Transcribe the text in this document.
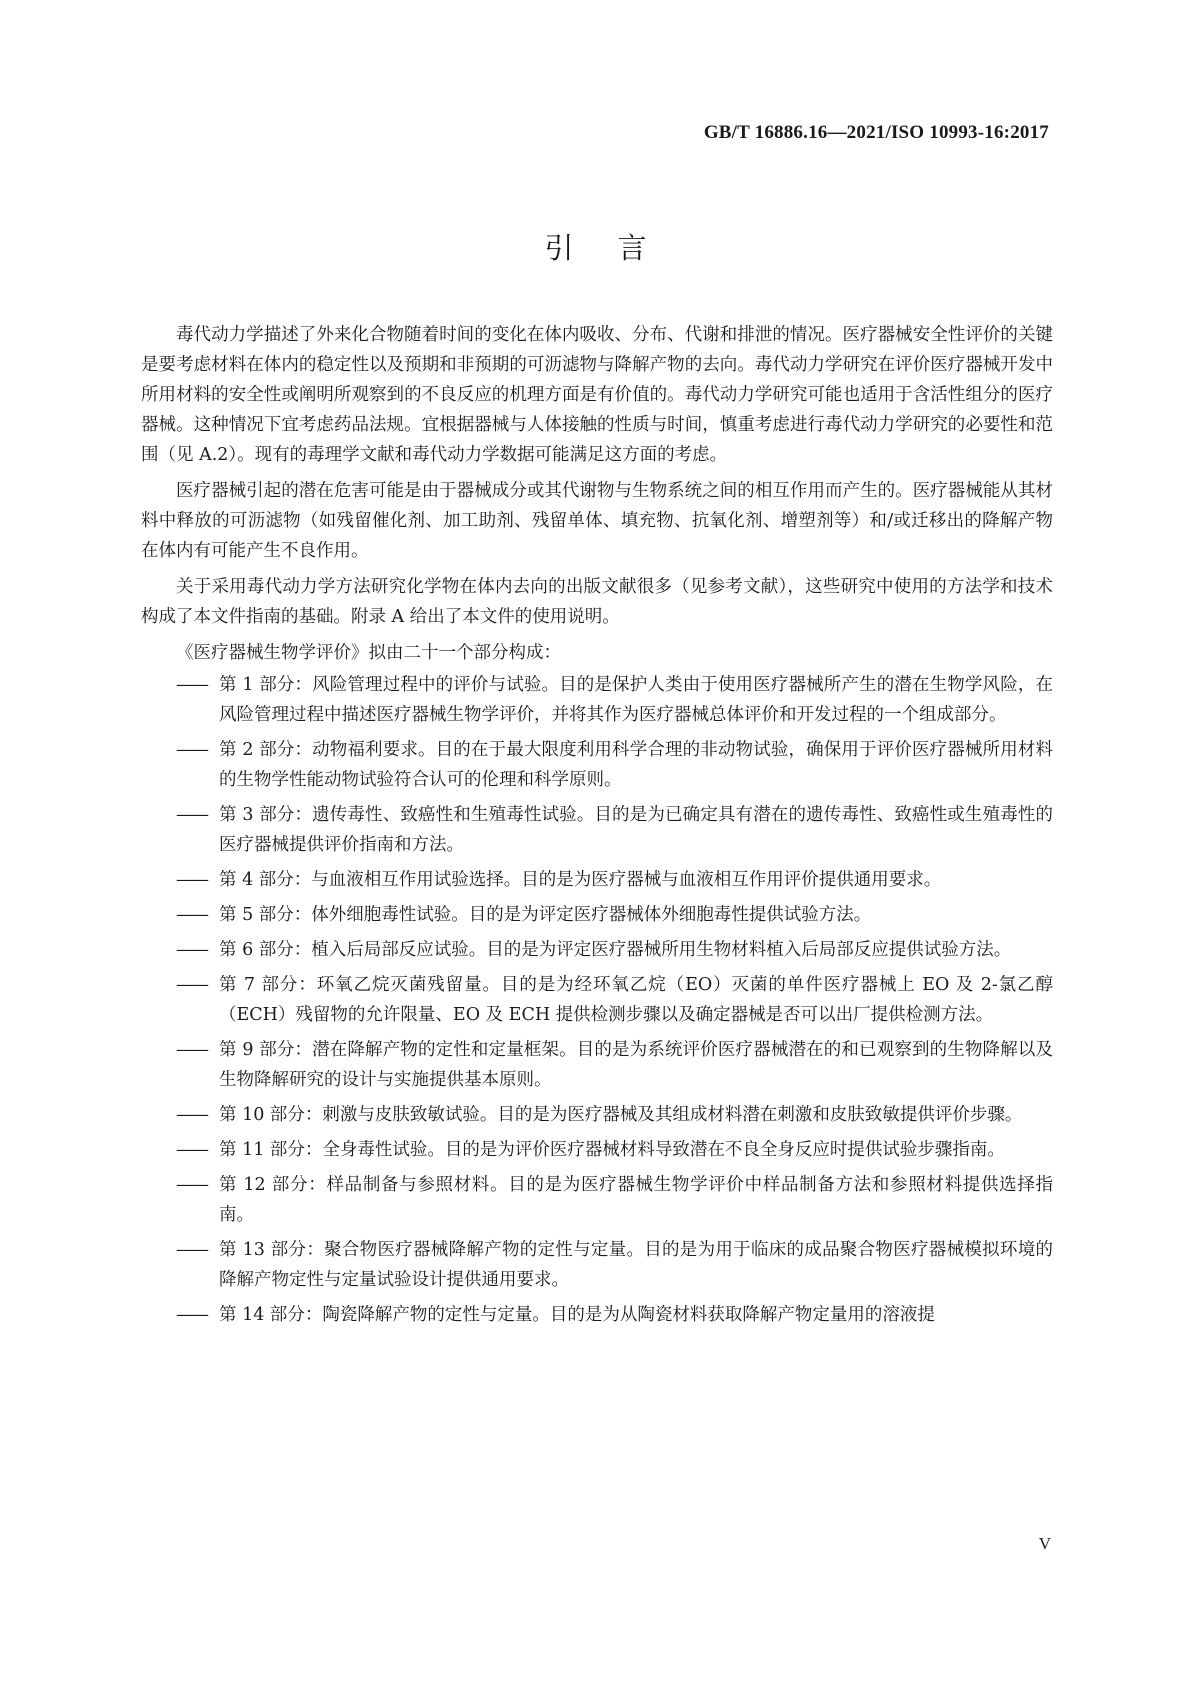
GB/T 16886.16—2021/ISO 10993-16:2017
引言

毒代动力学描述了外来化合物随着时间的变化在体内吸收、分布、代谢和排泄的情况。医疗器械安全性评价的关键是要考虑材料在体内的稳定性以及预期和非预期的可沥滤物与降解产物的去向。毒代动力学研究在评价医疗器械开发中所用材料的安全性或阐明所观察到的不良反应的机理方面是有价值的。毒代动力学研究可能也适用于含活性组分的医疗器械。这种情况下宜考虑药品法规。宜根据器械与人体接触的性质与时间，慎重考虑进行毒代动力学研究的必要性和范围（见 A.2）。现有的毒理学文献和毒代动力学数据可能满足这方面的考虑。

医疗器械引起的潜在危害可能是由于器械成分或其代谢物与生物系统之间的相互作用而产生的。医疗器械能从其材料中释放的可沥滤物（如残留催化剂、加工助剂、残留单体、填充物、抗氧化剂、增塑剂等）和/或迁移出的降解产物在体内有可能产生不良作用。

关于采用毒代动力学方法研究化学物在体内去向的出版文献很多（见参考文献），这些研究中使用的方法学和技术构成了本文件指南的基础。附录 A 给出了本文件的使用说明。

《医疗器械生物学评价》拟由二十一个部分构成：

—— 第 1 部分：风险管理过程中的评价与试验。目的是保护人类由于使用医疗器械所产生的潜在生物学风险，在风险管理过程中描述医疗器械生物学评价，并将其作为医疗器械总体评价和开发过程的一个组成部分。
—— 第 2 部分：动物福利要求。目的在于最大限度利用科学合理的非动物试验，确保用于评价医疗器械所用材料的生物学性能动物试验符合认可的伦理和科学原则。
—— 第 3 部分：遗传毒性、致癌性和生殖毒性试验。目的是为已确定具有潜在的遗传毒性、致癌性或生殖毒性的医疗器械提供评价指南和方法。
—— 第 4 部分：与血液相互作用试验选择。目的是为医疗器械与血液相互作用评价提供通用要求。
—— 第 5 部分：体外细胞毒性试验。目的是为评定医疗器械体外细胞毒性提供试验方法。
—— 第 6 部分：植入后局部反应试验。目的是为评定医疗器械所用生物材料植入后局部反应提供试验方法。
—— 第 7 部分：环氧乙烷灭菌残留量。目的是为经环氧乙烷（EO）灭菌的单件医疗器械上 EO 及 2-氯乙醇（ECH）残留物的允许限量、EO 及 ECH 提供检测步骤以及确定器械是否可以出厂提供检测方法。
—— 第 9 部分：潜在降解产物的定性和定量框架。目的是为系统评价医疗器械潜在的和已观察到的生物降解以及生物降解研究的设计与实施提供基本原则。
—— 第 10 部分：刺激与皮肤致敏试验。目的是为医疗器械及其组成材料潜在刺激和皮肤致敏提供评价步骤。
—— 第 11 部分：全身毒性试验。目的是为评价医疗器械材料导致潜在不良全身反应时提供试验步骤指南。
—— 第 12 部分：样品制备与参照材料。目的是为医疗器械生物学评价中样品制备方法和参照材料提供选择指南。
—— 第 13 部分：聚合物医疗器械降解产物的定性与定量。目的是为用于临床的成品聚合物医疗器械模拟环境的降解产物定性与定量试验设计提供通用要求。
—— 第 14 部分：陶瓷降解产物的定性与定量。目的是为从陶瓷材料获取降解产物定量用的溶液提
V
